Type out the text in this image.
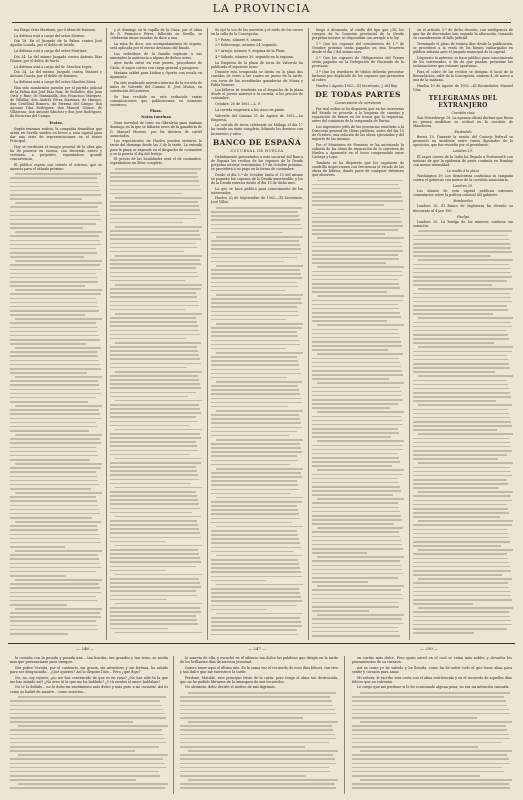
LA PROVINCIA

tra Diego Ortiz Martínez, por 6 ídem de lesiones.

La defensa está a cargo del señor Moreno.

Día 18. En el Juzgado de la Palma contra José Aguilar Losada, por el delito de estafa.

La defensa está a cargo del señor Martínez.

Día 24. La del mismo Juzgado contra Antonio Díaz Gómez, por el delito de hurto.

La defensa está a cargo del Sr. Sánchez López.

Día 24. La del mismo Juzgado contra Manuel y Antonio García, por el delito de lesiones.

La defensa está a cargo del señor Sánchez Mora.

Han sido nombrados jurados por el partido judicial de la Palma don José Díaz Ruiz, de Bollullos; don Juan Ortiz y Ruiz; de Manzanilla; don Francisco Márquez, de Villalba; don Andrés Pérez Martínez, de Hinojos; don Cristóbal Romero, de Paterna del Campo; don Antonio Díaz Rodríguez; don Manuel Gómez, de Villarrasa; don Antonio Sánchez y don José Rodríguez, de Escacena del Campo.

Teatro.

Según tenemos noticia, la compañía dramática que actúa en Sevilla vendrá en breve a esta capital para dar una serie de representaciones en el teatro Principal.

Hoy se verificará el ensayo general de la obra que ha de ponerse en escena, con decorado nuevo y vestuario a propósito, esperándose grande concurrencia.

El público espera con interés el estreno, que se anuncia para el sábado próximo.

y el domingo en la capilla de la Cinta, por el alma de D. Francisco Pérez, fallecido en Sevilla, se celebrarán misas rezadas de doce a una.

La misa de doce, con acompañamiento de órgano, será aplicada por el eterno descanso del finado.

Los individuos de la familia suplican a sus amistades la asistencia a alguno de dichos actos.

Ayer tarde entró en este puerto, procedente de Cádiz, el vapor correo con carga general y pasajeros.

Mañana saldrá para Lisboa y Oporto con escala en Ayamonte.

Ha sido nombrado maestro interino de la escuela de niños de Valverde del Camino D. José Muñoz, en sustitución del anterior.

Se han recibido en esta redacción varias comunicaciones que publicaremos en números sucesivos.

Plaza.
Notas taurinas

Gran novedad de toros en Gibraleón para mañana domingo en la que se lidiarán reses de la ganadería de D. Manuel Moreno, por los diestros de cartel anunciados.

Los espectáculos de Huelva pueden visitarse la tarde del domingo desde las 3 de la tarde. La entrada para la plaza se expende en el despacho de costumbre y en la puerta el día del festejo.

El precio de las localidades será el de costumbre, esperándose un lleno completo.

Se oyó la voz de los nuestros y el ruido de los carros en la calle de la Concepción.

1.º Paseo, número 8, casino.

2.º Sobrecargo, número 24, segundo.

3.º Arroyo, número 9, esquina de la Plaza.

4.º Sábado, número 30, segundo en la esquina.

La Empresa de la plaza de toros de Valverde ha publicado el siguiente aviso.

Durante esta temporada se darán en la plaza dos corridas de toros a las cuatro en punto de la tarde, con toros de las acreditadas ganaderías de Miura y Pablo Romero.

Los billetes se venderán en el despacho de la plaza desde el jueves anterior a la corrida, a los precios de costumbre.

Octubre, 20 de 1902.—L. P.

La corrida empezará a las cinco en punto.

Valverde del Camino 21 de Agosto de 1902.—La Empresa.

La corrida de toros celebrada en Málaga el día 17 ha tenido un éxito completo, lidiando los diestros con lucimiento y valor.

BANCO DE ESPAÑA
SUCURSAL DE HUELVA

Debidamente presentados a esta sucursal del Banco de España los recibos de los cupones de la Deuda perpetua interior vencimiento 1.º de Octubre próximo, se procederá a su pago en la forma de costumbre.

Desde el día 1.º de Octubre hasta el 10 del mismo se pagarán los cupones de la Deuda amortizable, y los de la Deuda exterior desde el día 15 de dicho mes.

Lo que se hace público para conocimiento de los interesados.

Huelva 20 de Septiembre de 1902.—El Secretario, José Villar.

luego á desmonta, al cuello del tipo que ¡Oh, los cuerpos de la Comisión provincial de la Deuda perpetua interior se dispondrán con arreglo a la ley.

1.º Que los cupones del vencimiento de 1.º de Octubre próximo serán pagados en esta Tesorería desde el día 2 del mismo mes.

2.º Que los cupones de Obligaciones del Tesoro serán pagados en la Delegación de Hacienda de la provincia.

3.º Que los tenedores de títulos deberán presentar facturas por duplicado de los cupones que presenten al cobro.

Huelva 2 Agosto 1902.—El Secretario, J. del Rey.

DE TODAS PARTES
Conservación de carreteras

Por real orden se ha dispuesto que en las carreteras del Estado se proceda a la limpieza de cunetas y reparación de firmes en los trozos que lo requieran, antes del comienzo de la temporada de lluvias.

Los ingenieros jefes de las provincias remitirán a la Dirección general de Obras públicas, antes del día 15 de Octubre, una relación de las obras ejecutadas y del importe de las mismas.

Por el Ministerio de Fomento se ha autorizado la subasta de las obras de reparación de la carretera de Huelva a Ayamonte en el trozo comprendido entre Cartaya y Lepe.

También se ha dispuesto que los capataces de cuadrilla inspeccionen con frecuencia el estado de las obras de fábrica, dando parte de cualquier deterioro que observen.

en el artículo 3.º de dicho decreto, con inteligencia de que las de decretadas han seguido la alteración, tomando en consideración el fallo judicial.

Terminado el plazo de treinta días desde la publicación, se procederá a la venta de los bienes embargados en pública subasta ante el juzgado municipal de la capital.

Dispuesto lo anterior, se hace público para conocimiento de los interesados, a fin de que puedan presentar las reclamaciones que estimen oportunas.

Para el cobro de los recibos se designa el local de la Recaudación, calle de la Concepción, número 4, de nueve a una de la mañana.

Huelva 10 de Agosto de 1902.—El Recaudador, Manuel Díaz.

TELEGRAMAS DEL EXTRANJERO
Cuestión rusa

San Petersburgo 18. La agencia oficial declara que Rusia no piensa modificar su actitud en la cuestión de Manchuria.

Escándalo

Berna 19. Durante la sesión del Consejo federal se promovió un incidente entre varios diputados de la oposición, que fue resuelto por el presidente.

Londres 19.

El vapor correo de la India ha llegado a Portsmouth con noticias de que la epidemia de peste continúa en Bombay con menor intensidad.

Lo asalto á la plaza

Washington 19. Los demócratas continúan su campaña contra el gobierno con motivo de la cuestión arancelaria.

Londres 20.

Los diarios de esta capital publican extensos comentarios sobre la política colonial del gabinete.

Bombardeo

Londres 20. El Banco de Inglaterra ha elevado su descuento al 4 por 100.

Huelga

Londres 20. La huelga de los mineros continúa sin variación.

— 246 —	— 247 —	— 250 —

le costaba con la pesada y pesada una... tan hondas, tan grandes y tan vivas, se sentía más que pronunciarse para siempre.

Ese pobre Urrutia, por el contrario, sin gracia, sin atractivos y sin fortuna, ha sabido para ser desgraciado... ¿Qué quieres? Así lo dispone Dios... Pero ¿qué digo?

No, no, soy injusto; ¿no me has convencido de que es en vano? ¿No has sido tú la que me has mirado así? ¿No eres tú la que me ha hablado? ¿Y tú sientes el amor, hablabas?

No te lo debido... no lo debo mi sentimiento más dulce y más puro a mí corazón! Así es como yo habré de amarte... como vosotros...

le sonreía de ella, y escuché en el silencio tan dulce las palabras que dirigía en la tarde de los brillantes días de nuestra juventud.

Quiero tener aquí el último año. Es la suma vez el recuerdo de esos días felices, tan vivo y tan dulce que me entristece la tarde.

Perdone, Matilde, este principio triste de la carta: pero tengo el alma tan destrozada, que no he podido librarme de la amargura de mis recuerdos.

No obstante, debo decirle el motivo de mis lágrimas.

un cariño más dulce. Pero quiso usted en el cual se veían más nobles y elevados los pensamientos de su corazón.

Así es como yo he sufrido y he llorado, como ha de sufrir todo el que tiene alma para sentir y corazón para amar.

Mi señora, le escribo esta carta con el alma entristecida y en el recuerdo de aquellos días felices que no volverán.

Le ruego que me perdone si le he ocasionado alguna pena; no era mi intención causarla.
